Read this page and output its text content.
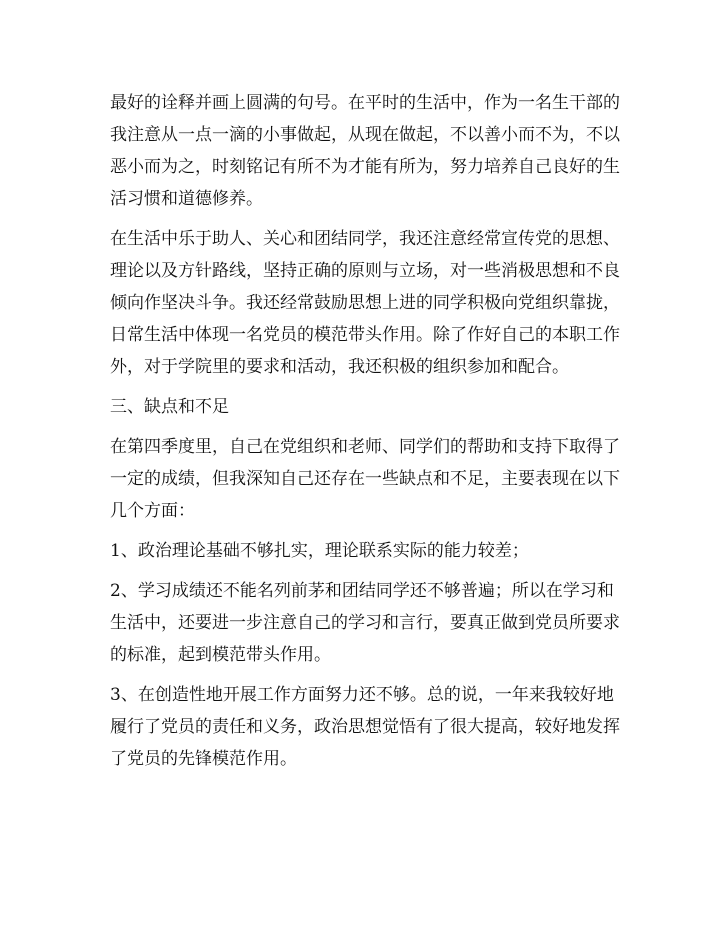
最好的诠释并画上圆满的句号。在平时的生活中，作为一名生干部的
我注意从一点一滴的小事做起，从现在做起，不以善小而不为，不以
恶小而为之，时刻铭记有所不为才能有所为，努力培养自己良好的生
活习惯和道德修养。
在生活中乐于助人、关心和团结同学，我还注意经常宣传党的思想、
理论以及方针路线，坚持正确的原则与立场，对一些消极思想和不良
倾向作坚决斗争。我还经常鼓励思想上进的同学积极向党组织靠拢，
日常生活中体现一名党员的模范带头作用。除了作好自己的本职工作
外，对于学院里的要求和活动，我还积极的组织参加和配合。
三、缺点和不足
在第四季度里，自己在党组织和老师、同学们的帮助和支持下取得了
一定的成绩，但我深知自己还存在一些缺点和不足，主要表现在以下
几个方面：
1、政治理论基础不够扎实，理论联系实际的能力较差；
2、学习成绩还不能名列前茅和团结同学还不够普遍；所以在学习和
生活中，还要进一步注意自己的学习和言行，要真正做到党员所要求
的标准，起到模范带头作用。
3、在创造性地开展工作方面努力还不够。总的说，一年来我较好地
履行了党员的责任和义务，政治思想觉悟有了很大提高，较好地发挥
了党员的先锋模范作用。
